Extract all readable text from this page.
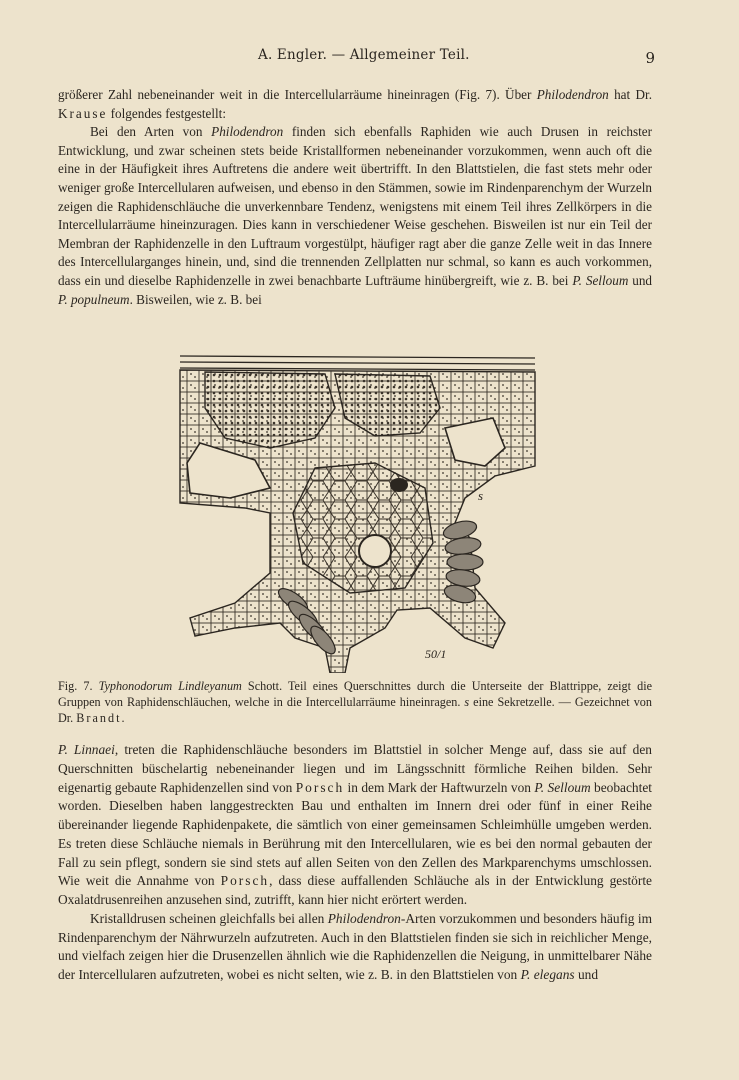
A. Engler. — Allgemeiner Teil.	9

größerer Zahl nebeneinander weit in die Intercellularräume hineinragen (Fig. 7). Über Philodendron hat Dr. Krause folgendes festgestellt:

Bei den Arten von Philodendron finden sich ebenfalls Raphiden wie auch Drusen in reichster Entwicklung, und zwar scheinen stets beide Kristallformen nebeneinander vorzukommen, wenn auch oft die eine in der Häufigkeit ihres Auftretens die andere weit übertrifft. In den Blattstielen, die fast stets mehr oder weniger große Intercellularen aufweisen, und ebenso in den Stämmen, sowie im Rindenparenchym der Wurzeln zeigen die Raphidenschläuche die unverkennbare Tendenz, wenigstens mit einem Teil ihres Zellkörpers in die Intercellularräume hineinzuragen. Dies kann in verschiedener Weise geschehen. Bisweilen ist nur ein Teil der Membran der Raphidenzelle in den Luftraum vorgestülpt, häufiger ragt aber die ganze Zelle weit in das Innere des Intercellularganges hinein, und, sind die trennenden Zellplatten nur schmal, so kann es auch vorkommen, dass ein und dieselbe Raphidenzelle in zwei benachbarte Lufträume hinübergreift, wie z. B. bei P. Selloum und P. populneum. Bisweilen, wie z. B. bei

s
50/1
Fig. 7. Typhonodorum Lindleyanum Schott. Teil eines Querschnittes durch die Unterseite der Blattrippe, zeigt die Gruppen von Raphidenschläuchen, welche in die Intercellularräume hineinragen. s eine Sekretzelle. — Gezeichnet von Dr. Brandt.

P. Linnaei, treten die Raphidenschläuche besonders im Blattstiel in solcher Menge auf, dass sie auf den Querschnitten büschelartig nebeneinander liegen und im Längsschnitt förmliche Reihen bilden. Sehr eigenartig gebaute Raphidenzellen sind von Porsch in dem Mark der Haftwurzeln von P. Selloum beobachtet worden. Dieselben haben langgestreckten Bau und enthalten im Innern drei oder fünf in einer Reihe übereinander liegende Raphidenpakete, die sämtlich von einer gemeinsamen Schleimhülle umgeben werden. Es treten diese Schläuche niemals in Berührung mit den Intercellularen, wie es bei den normal gebauten der Fall zu sein pflegt, sondern sie sind stets auf allen Seiten von den Zellen des Markparenchyms umschlossen. Wie weit die Annahme von Porsch, dass diese auffallenden Schläuche als in der Entwicklung gestörte Oxalatdrusenreihen anzusehen sind, zutrifft, kann hier nicht erörtert werden.

Kristalldrusen scheinen gleichfalls bei allen Philodendron-Arten vorzukommen und besonders häufig im Rindenparenchym der Nährwurzeln aufzutreten. Auch in den Blattstielen finden sie sich in reichlicher Menge, und vielfach zeigen hier die Drusenzellen ähnlich wie die Raphidenzellen die Neigung, in unmittelbarer Nähe der Intercellularen aufzutreten, wobei es nicht selten, wie z. B. in den Blattstielen von P. elegans und
